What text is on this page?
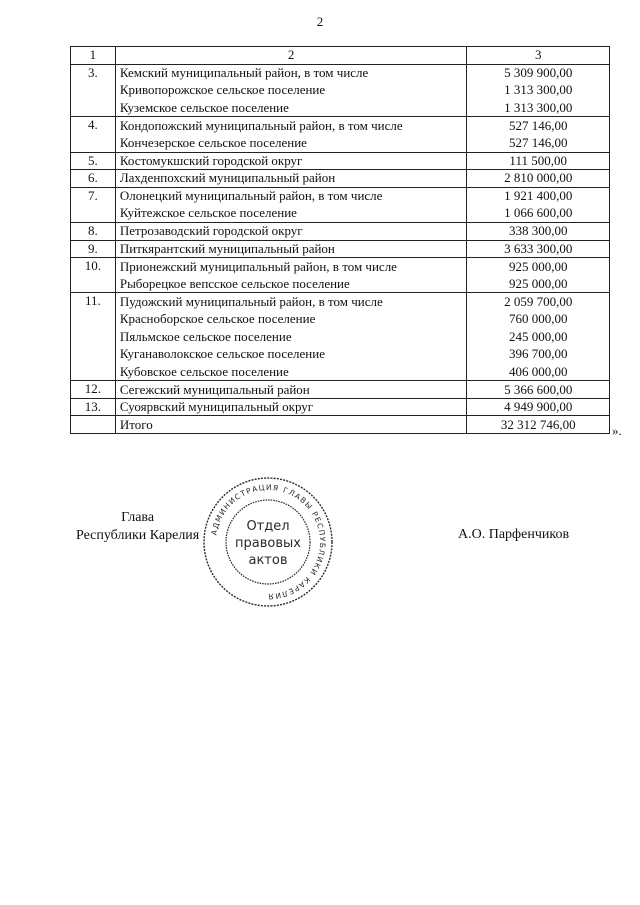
2
1	2	3
3.	Кемский муниципальный район, в том числе	5 309 900,00
	Кривопорожское сельское поселение	1 313 300,00
	Куземское сельское поселение	1 313 300,00
4.	Кондопожский муниципальный район, в том числе	527 146,00
	Кончезерское сельское поселение	527 146,00
5.	Костомукшский городской округ	111 500,00
6.	Лахденпохский муниципальный район	2 810 000,00
7.	Олонецкий муниципальный район, в том числе	1 921 400,00
	Куйтежское сельское поселение	1 066 600,00
8.	Петрозаводский городской округ	338 300,00
9.	Питкярантский муниципальный район	3 633 300,00
10.	Прионежский муниципальный район, в том числе	925 000,00
	Рыборецкое вепсское сельское поселение	925 000,00
11.	Пудожский муниципальный район, в том числе	2 059 700,00
	Красноборское сельское поселение	760 000,00
	Пяльмское сельское поселение	245 000,00
	Куганаволокское сельское поселение	396 700,00
	Кубовское сельское поселение	406 000,00
12.	Сегежский муниципальный район	5 366 600,00
13.	Суоярвский муниципальный округ	4 949 900,00
	Итого	32 312 746,00	».
Глава
Республики Карелия	А.О. Парфенчиков
АДМИНИСТРАЦИЯ ГЛАВЫ РЕСПУБЛИКИ КАРЕЛИЯ
Отдел
правовых
актов
